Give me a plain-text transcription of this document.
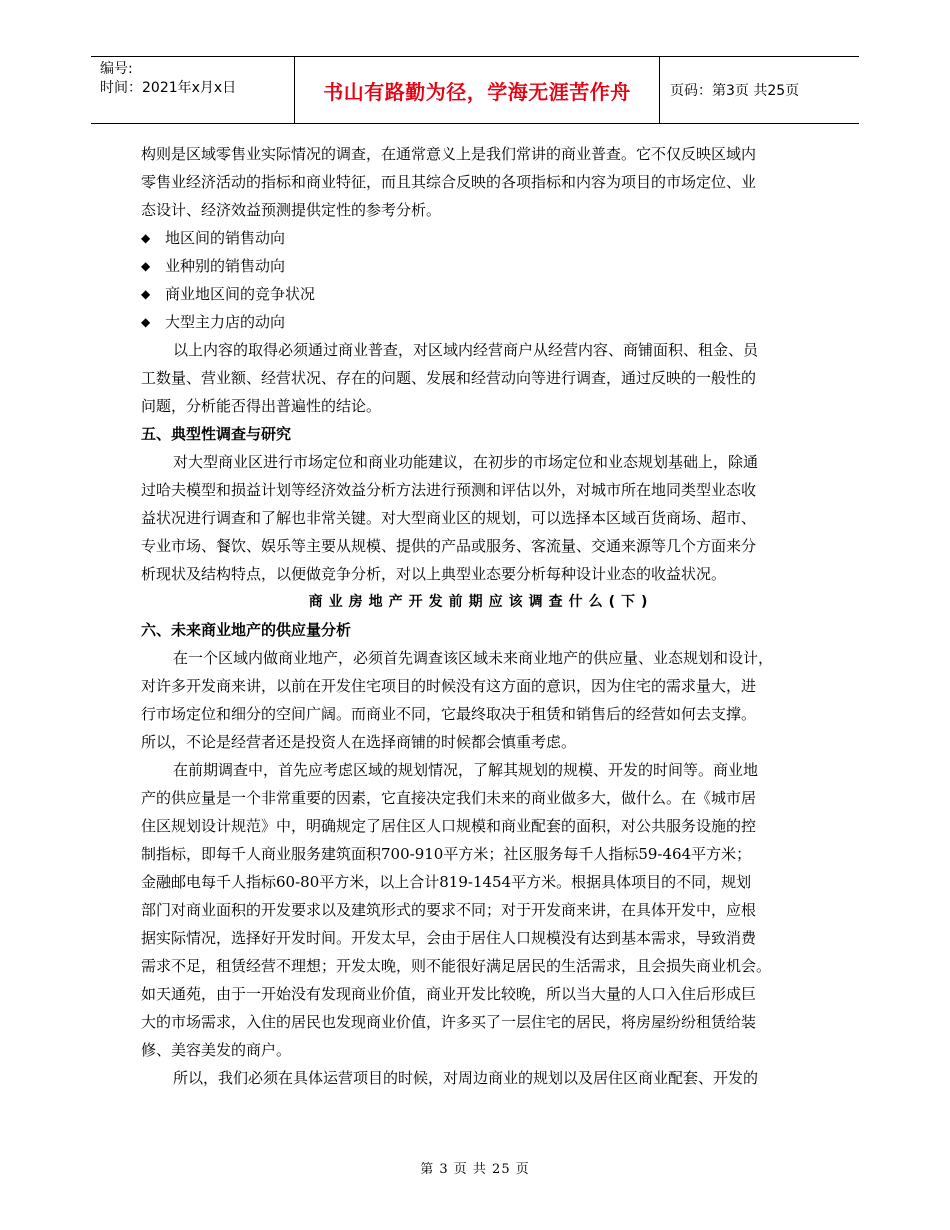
编号:
时间：2021年x月x日	书山有路勤为径，学海无涯苦作舟	页码：第3页 共25页
构则是区域零售业实际情况的调查，在通常意义上是我们常讲的商业普查。它不仅反映区域内
零售业经济活动的指标和商业特征，而且其综合反映的各项指标和内容为项目的市场定位、业
态设计、经济效益预测提供定性的参考分析。
◆ 地区间的销售动向
◆ 业种别的销售动向
◆ 商业地区间的竞争状况
◆ 大型主力店的动向
以上内容的取得必须通过商业普查，对区域内经营商户从经营内容、商铺面积、租金、员
工数量、营业额、经营状况、存在的问题、发展和经营动向等进行调查，通过反映的一般性的
问题，分析能否得出普遍性的结论。
五、典型性调查与研究
对大型商业区进行市场定位和商业功能建议，在初步的市场定位和业态规划基础上，除通
过哈夫模型和损益计划等经济效益分析方法进行预测和评估以外，对城市所在地同类型业态收
益状况进行调查和了解也非常关键。对大型商业区的规划，可以选择本区域百货商场、超市、
专业市场、餐饮、娱乐等主要从规模、提供的产品或服务、客流量、交通来源等几个方面来分
析现状及结构特点，以便做竞争分析，对以上典型业态要分析每种设计业态的收益状况。
商业房地产开发前期应该调查什么(下)
六、未来商业地产的供应量分析
在一个区域内做商业地产，必须首先调查该区域未来商业地产的供应量、业态规划和设计，
对许多开发商来讲，以前在开发住宅项目的时候没有这方面的意识，因为住宅的需求量大，进
行市场定位和细分的空间广阔。而商业不同，它最终取决于租赁和销售后的经营如何去支撑。
所以，不论是经营者还是投资人在选择商铺的时候都会慎重考虑。
在前期调查中，首先应考虑区域的规划情况，了解其规划的规模、开发的时间等。商业地
产的供应量是一个非常重要的因素，它直接决定我们未来的商业做多大，做什么。在《城市居
住区规划设计规范》中，明确规定了居住区人口规模和商业配套的面积，对公共服务设施的控
制指标，即每千人商业服务建筑面积700-910平方米；社区服务每千人指标59-464平方米；
金融邮电每千人指标60-80平方米，以上合计819-1454平方米。根据具体项目的不同，规划
部门对商业面积的开发要求以及建筑形式的要求不同；对于开发商来讲，在具体开发中，应根
据实际情况，选择好开发时间。开发太早，会由于居住人口规模没有达到基本需求，导致消费
需求不足，租赁经营不理想；开发太晚，则不能很好满足居民的生活需求，且会损失商业机会。
如天通苑，由于一开始没有发现商业价值，商业开发比较晚，所以当大量的人口入住后形成巨
大的市场需求，入住的居民也发现商业价值，许多买了一层住宅的居民，将房屋纷纷租赁给装
修、美容美发的商户。
所以，我们必须在具体运营项目的时候，对周边商业的规划以及居住区商业配套、开发的
第 3 页 共 25 页
